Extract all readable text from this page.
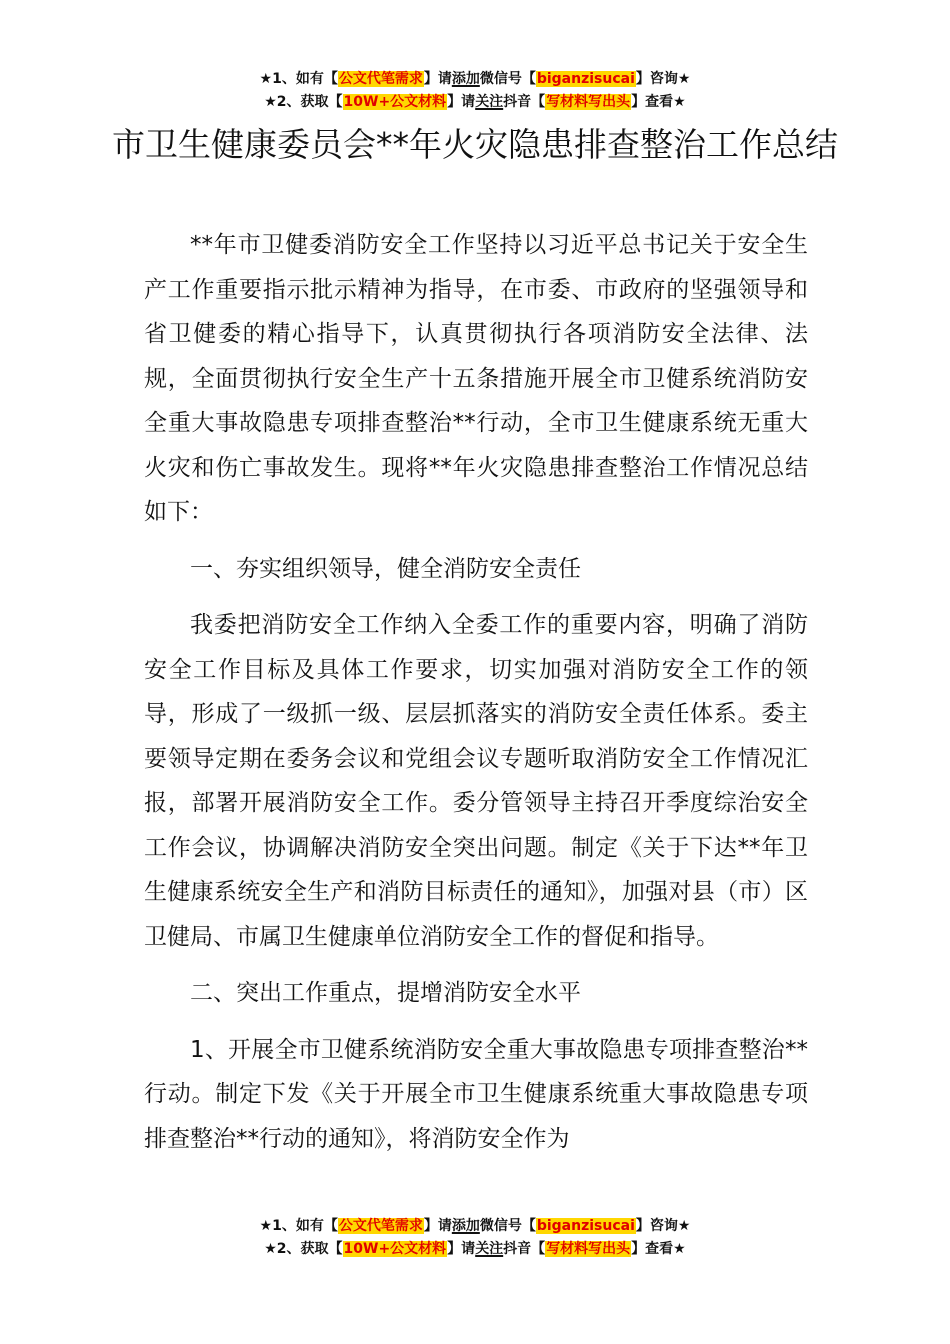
★1、如有【公文代笔需求】请添加微信号【biganzisucai】咨询★
★2、获取【10W+公文材料】请关注抖音【写材料写出头】查看★
市卫生健康委员会**年火灾隐患排查整治工作总结

**年市卫健委消防安全工作坚持以习近平总书记关于安全生产工作重要指示批示精神为指导，在市委、市政府的坚强领导和省卫健委的精心指导下，认真贯彻执行各项消防安全法律、法规，全面贯彻执行安全生产十五条措施开展全市卫健系统消防安全重大事故隐患专项排查整治**行动，全市卫生健康系统无重大火灾和伤亡事故发生。现将**年火灾隐患排查整治工作情况总结如下：

一、夯实组织领导，健全消防安全责任

我委把消防安全工作纳入全委工作的重要内容，明确了消防安全工作目标及具体工作要求，切实加强对消防安全工作的领导，形成了一级抓一级、层层抓落实的消防安全责任体系。委主要领导定期在委务会议和党组会议专题听取消防安全工作情况汇报，部署开展消防安全工作。委分管领导主持召开季度综治安全工作会议，协调解决消防安全突出问题。制定《关于下达**年卫生健康系统安全生产和消防目标责任的通知》，加强对县（市）区卫健局、市属卫生健康单位消防安全工作的督促和指导。

二、突出工作重点，提增消防安全水平

1、开展全市卫健系统消防安全重大事故隐患专项排查整治**行动。制定下发《关于开展全市卫生健康系统重大事故隐患专项排查整治**行动的通知》，将消防安全作为

★1、如有【公文代笔需求】请添加微信号【biganzisucai】咨询★
★2、获取【10W+公文材料】请关注抖音【写材料写出头】查看★
